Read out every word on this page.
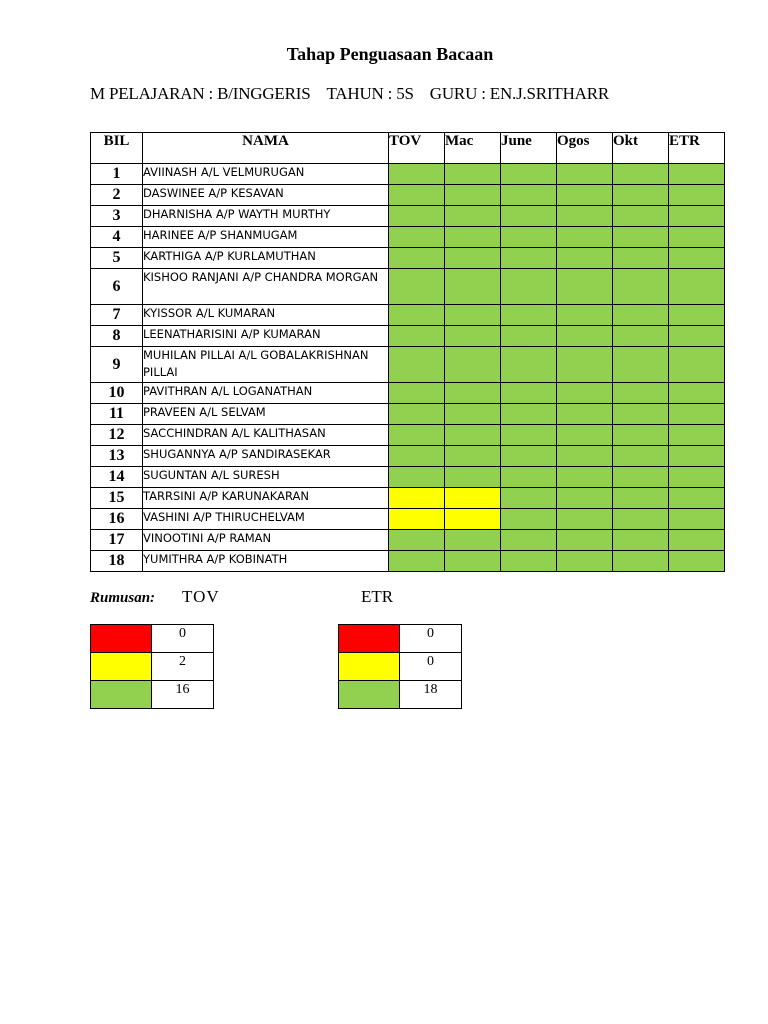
Tahap Penguasaan Bacaan
M PELAJARAN : B/INGGERIS TAHUN : 5S GURU : EN.J.SRITHARR
BIL	NAMA	TOV	Mac	June	Ogos	Okt	ETR
1	AVIINASH A/L VELMURUGAN						
2	DASWINEE A/P KESAVAN						
3	DHARNISHA A/P WAYTH MURTHY						
4	HARINEE A/P SHANMUGAM						
5	KARTHIGA A/P KURLAMUTHAN						
6	KISHOO RANJANI A/P CHANDRA MORGAN						
7	KYISSOR A/L KUMARAN						
8	LEENATHARISINI A/P KUMARAN						
9	MUHILAN PILLAI A/L GOBALAKRISHNAN PILLAI						
10	PAVITHRAN A/L LOGANATHAN						
11	PRAVEEN A/L SELVAM						
12	SACCHINDRAN A/L KALITHASAN						
13	SHUGANNYA A/P SANDIRASEKAR						
14	SUGUNTAN A/L SURESH						
15	TARRSINI A/P KARUNAKARAN						
16	VASHINI A/P THIRUCHELVAM						
17	VINOOTINI A/P RAMAN						
18	YUMITHRA A/P KOBINATH						
Rumusan: TOV	ETR
	0
	2
	16
	0
	0
	18
